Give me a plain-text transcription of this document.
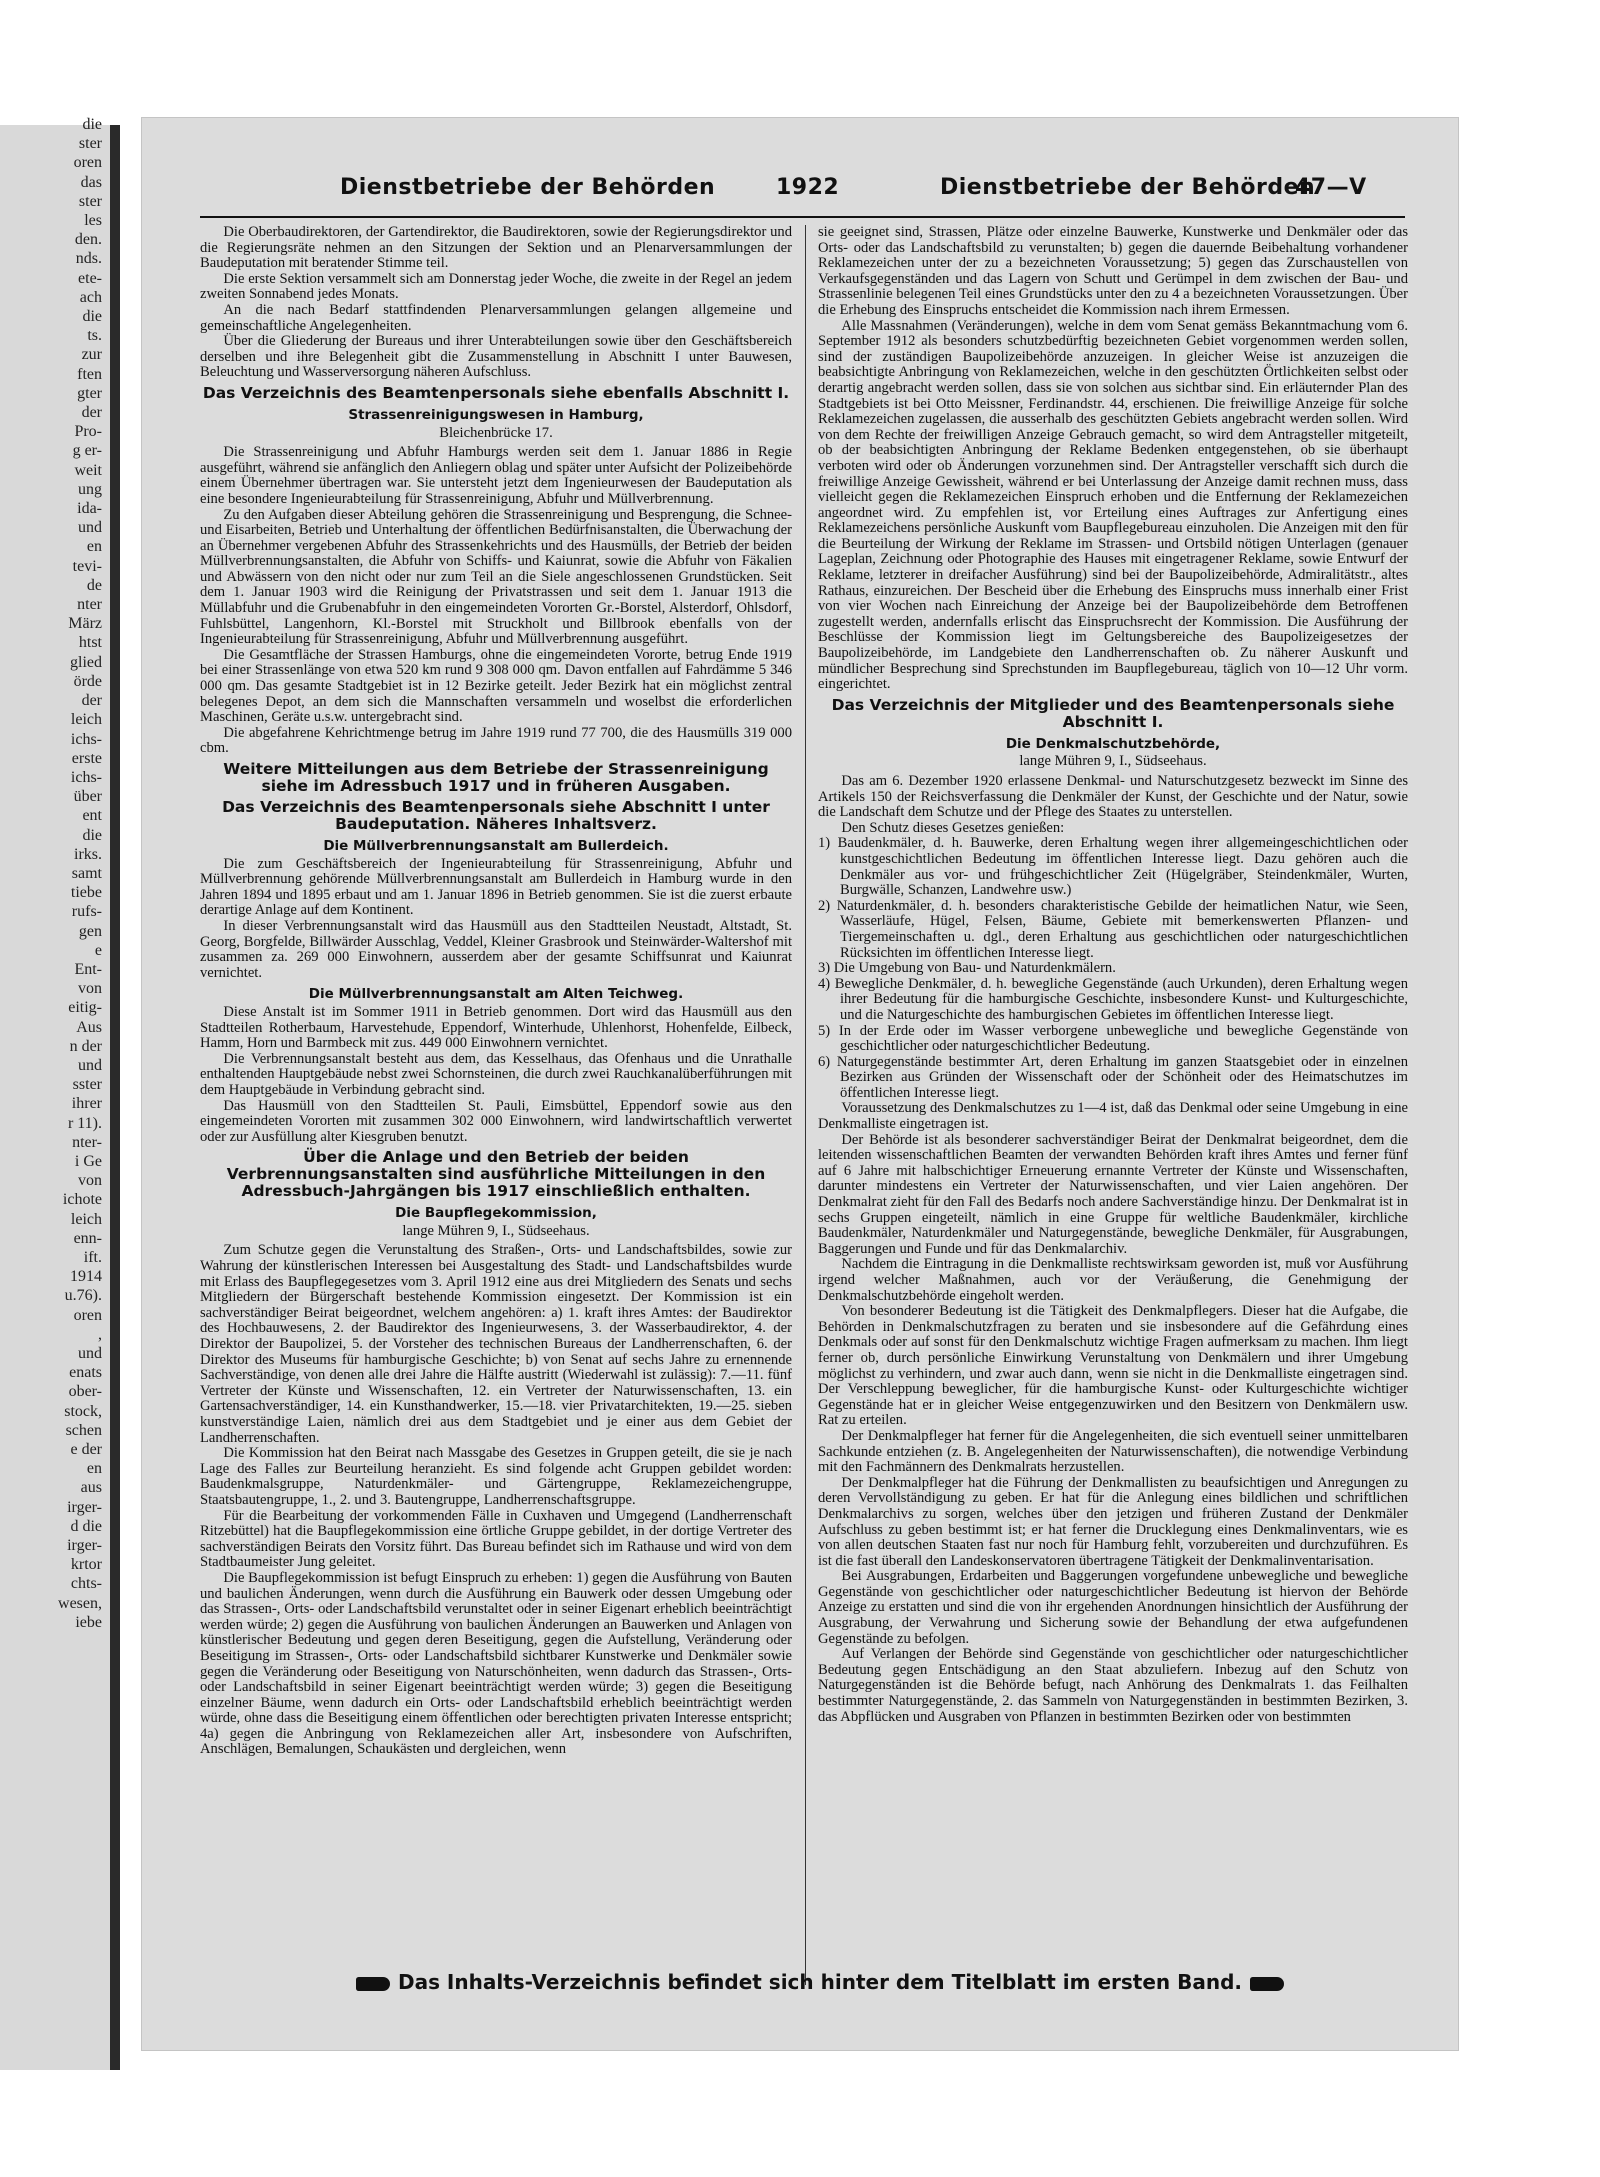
die
ster
oren
das
ster
les
den.
nds.
ete-
ach
die
ts.
zur
ften
gter
der
Pro-
g er-
weit
ung
ida-
und
en
tevi-
de
nter
März
htst
glied
örde
der
leich
ichs-
erste
ichs-
über
ent
die
irks.
samt
tiebe
rufs-
gen
e
Ent-
von
eitig-
Aus
n der
und
sster
ihrer
r 11).
nter-
i Ge
von
ichote
leich
enn-
ift.
1914
u.76).
oren
,
und
enats
ober-
stock,
schen
e der
en
aus
irger-
d die
irger-
krtor
chts-
wesen,
iebe
Dienstbetriebe der Behörden	1922	Dienstbetriebe der Behörden
47—V

Die Oberbaudirektoren, der Gartendirektor, die Baudirektoren, sowie der Regierungsdirektor und die Regierungsräte nehmen an den Sitzungen der Sektion und an Plenarversammlungen der Baudeputation mit beratender Stimme teil.

Die erste Sektion versammelt sich am Donnerstag jeder Woche, die zweite in der Regel an jedem zweiten Sonnabend jedes Monats.

An die nach Bedarf stattfindenden Plenarversammlungen gelangen allgemeine und gemeinschaftliche Angelegenheiten.

Über die Gliederung der Bureaus und ihrer Unterabteilungen sowie über den Geschäftsbereich derselben und ihre Belegenheit gibt die Zusammenstellung in Abschnitt I unter Bauwesen, Beleuchtung und Wasserversorgung näheren Aufschluss.

Das Verzeichnis des Beamtenpersonals siehe ebenfalls Abschnitt I.
Strassenreinigungswesen in Hamburg,
Bleichenbrücke 17.

Die Strassenreinigung und Abfuhr Hamburgs werden seit dem 1. Januar 1886 in Regie ausgeführt, während sie anfänglich den Anliegern oblag und später unter Aufsicht der Polizeibehörde einem Übernehmer übertragen war. Sie untersteht jetzt dem Ingenieurwesen der Baudeputation als eine besondere Ingenieurabteilung für Strassenreinigung, Abfuhr und Müllverbrennung.

Zu den Aufgaben dieser Abteilung gehören die Strassenreinigung und Besprengung, die Schnee- und Eisarbeiten, Betrieb und Unterhaltung der öffentlichen Bedürfnisanstalten, die Überwachung der an Übernehmer vergebenen Abfuhr des Strassenkehrichts und des Hausmülls, der Betrieb der beiden Müllverbrennungsanstalten, die Abfuhr von Schiffs- und Kaiunrat, sowie die Abfuhr von Fäkalien und Abwässern von den nicht oder nur zum Teil an die Siele angeschlossenen Grundstücken. Seit dem 1. Januar 1903 wird die Reinigung der Privatstrassen und seit dem 1. Januar 1913 die Müllabfuhr und die Grubenabfuhr in den eingemeindeten Vororten Gr.-Borstel, Alsterdorf, Ohlsdorf, Fuhlsbüttel, Langenhorn, Kl.-Borstel mit Struckholt und Billbrook ebenfalls von der Ingenieurabteilung für Strassenreinigung, Abfuhr und Müllverbrennung ausgeführt.

Die Gesamtfläche der Strassen Hamburgs, ohne die eingemeindeten Vororte, betrug Ende 1919 bei einer Strassenlänge von etwa 520 km rund 9 308 000 qm. Davon entfallen auf Fahrdämme 5 346 000 qm. Das gesamte Stadtgebiet ist in 12 Bezirke geteilt. Jeder Bezirk hat ein möglichst zentral belegenes Depot, an dem sich die Mannschaften versammeln und woselbst die erforderlichen Maschinen, Geräte u.s.w. untergebracht sind.

Die abgefahrene Kehrichtmenge betrug im Jahre 1919 rund 77 700, die des Hausmülls 319 000 cbm.

Weitere Mitteilungen aus dem Betriebe der Strassenreinigung siehe im Adressbuch 1917 und in früheren Ausgaben.
Das Verzeichnis des Beamtenpersonals siehe Abschnitt I unter Baudeputation. Näheres Inhaltsverz.
Die Müllverbrennungsanstalt am Bullerdeich.

Die zum Geschäftsbereich der Ingenieurabteilung für Strassenreinigung, Abfuhr und Müllverbrennung gehörende Müllverbrennungsanstalt am Bullerdeich in Hamburg wurde in den Jahren 1894 und 1895 erbaut und am 1. Januar 1896 in Betrieb genommen. Sie ist die zuerst erbaute derartige Anlage auf dem Kontinent.

In dieser Verbrennungsanstalt wird das Hausmüll aus den Stadtteilen Neustadt, Altstadt, St. Georg, Borgfelde, Billwärder Ausschlag, Veddel, Kleiner Grasbrook und Steinwärder-Waltershof mit zusammen za. 269 000 Einwohnern, ausserdem aber der gesamte Schiffsunrat und Kaiunrat vernichtet.

Die Müllverbrennungsanstalt am Alten Teichweg.

Diese Anstalt ist im Sommer 1911 in Betrieb genommen. Dort wird das Hausmüll aus den Stadtteilen Rotherbaum, Harvestehude, Eppendorf, Winterhude, Uhlenhorst, Hohenfelde, Eilbeck, Hamm, Horn und Barmbeck mit zus. 449 000 Einwohnern vernichtet.

Die Verbrennungsanstalt besteht aus dem, das Kesselhaus, das Ofenhaus und die Unrathalle enthaltenden Hauptgebäude nebst zwei Schornsteinen, die durch zwei Rauchkanalüberführungen mit dem Hauptgebäude in Verbindung gebracht sind.

Das Hausmüll von den Stadtteilen St. Pauli, Eimsbüttel, Eppendorf sowie aus den eingemeindeten Vororten mit zusammen 302 000 Einwohnern, wird landwirtschaftlich verwertet oder zur Ausfüllung alter Kiesgruben benutzt.

Über die Anlage und den Betrieb der beiden Verbrennungsanstalten sind ausführliche Mitteilungen in den Adressbuch-Jahrgängen bis 1917 einschließlich enthalten.
Die Baupflegekommission,
lange Mühren 9, I., Südseehaus.

Zum Schutze gegen die Verunstaltung des Straßen-, Orts- und Landschaftsbildes, sowie zur Wahrung der künstlerischen Interessen bei Ausgestaltung des Stadt- und Landschaftsbildes wurde mit Erlass des Baupflegegesetzes vom 3. April 1912 eine aus drei Mitgliedern des Senats und sechs Mitgliedern der Bürgerschaft bestehende Kommission eingesetzt. Der Kommission ist ein sachverständiger Beirat beigeordnet, welchem angehören: a) 1. kraft ihres Amtes: der Baudirektor des Hochbauwesens, 2. der Baudirektor des Ingenieurwesens, 3. der Wasserbaudirektor, 4. der Direktor der Baupolizei, 5. der Vorsteher des technischen Bureaus der Landherrenschaften, 6. der Direktor des Museums für hamburgische Geschichte; b) von Senat auf sechs Jahre zu ernennende Sachverständige, von denen alle drei Jahre die Hälfte austritt (Wiederwahl ist zulässig): 7.—11. fünf Vertreter der Künste und Wissenschaften, 12. ein Vertreter der Naturwissenschaften, 13. ein Gartensachverständiger, 14. ein Kunsthandwerker, 15.—18. vier Privatarchitekten, 19.—25. sieben kunstverständige Laien, nämlich drei aus dem Stadtgebiet und je einer aus dem Gebiet der Landherrenschaften.

Die Kommission hat den Beirat nach Massgabe des Gesetzes in Gruppen geteilt, die sie je nach Lage des Falles zur Beurteilung heranzieht. Es sind folgende acht Gruppen gebildet worden: Baudenkmalsgruppe, Naturdenkmäler- und Gärtengruppe, Reklamezeichengruppe, Staatsbautengruppe, 1., 2. und 3. Bautengruppe, Landherrenschaftsgruppe.

Für die Bearbeitung der vorkommenden Fälle in Cuxhaven und Umgegend (Landherrenschaft Ritzebüttel) hat die Baupflegekommission eine örtliche Gruppe gebildet, in der dortige Vertreter des sachverständigen Beirats den Vorsitz führt. Das Bureau befindet sich im Rathause und wird von dem Stadtbaumeister Jung geleitet.

Die Baupflegekommission ist befugt Einspruch zu erheben: 1) gegen die Ausführung von Bauten und baulichen Änderungen, wenn durch die Ausführung ein Bauwerk oder dessen Umgebung oder das Strassen-, Orts- oder Landschaftsbild verunstaltet oder in seiner Eigenart erheblich beeinträchtigt werden würde; 2) gegen die Ausführung von baulichen Änderungen an Bauwerken und Anlagen von künstlerischer Bedeutung und gegen deren Beseitigung, gegen die Aufstellung, Veränderung oder Beseitigung im Strassen-, Orts- oder Landschaftsbild sichtbarer Kunstwerke und Denkmäler sowie gegen die Veränderung oder Beseitigung von Naturschönheiten, wenn dadurch das Strassen-, Orts- oder Landschaftsbild in seiner Eigenart beeinträchtigt werden würde; 3) gegen die Beseitigung einzelner Bäume, wenn dadurch ein Orts- oder Landschaftsbild erheblich beeinträchtigt werden würde, ohne dass die Beseitigung einem öffentlichen oder berechtigten privaten Interesse entspricht; 4a) gegen die Anbringung von Reklamezeichen aller Art, insbesondere von Aufschriften, Anschlägen, Bemalungen, Schaukästen und dergleichen, wenn

sie geeignet sind, Strassen, Plätze oder einzelne Bauwerke, Kunstwerke und Denkmäler oder das Orts- oder das Landschaftsbild zu verunstalten; b) gegen die dauernde Beibehaltung vorhandener Reklamezeichen unter der zu a bezeichneten Voraussetzung; 5) gegen das Zurschaustellen von Verkaufsgegenständen und das Lagern von Schutt und Gerümpel in dem zwischen der Bau- und Strassenlinie belegenen Teil eines Grundstücks unter den zu 4 a bezeichneten Voraussetzungen. Über die Erhebung des Einspruchs entscheidet die Kommission nach ihrem Ermessen.

Alle Massnahmen (Veränderungen), welche in dem vom Senat gemäss Bekanntmachung vom 6. September 1912 als besonders schutzbedürftig bezeichneten Gebiet vorgenommen werden sollen, sind der zuständigen Baupolizeibehörde anzuzeigen. In gleicher Weise ist anzuzeigen die beabsichtigte Anbringung von Reklamezeichen, welche in den geschützten Örtlichkeiten selbst oder derartig angebracht werden sollen, dass sie von solchen aus sichtbar sind. Ein erläuternder Plan des Stadtgebiets ist bei Otto Meissner, Ferdinandstr. 44, erschienen. Die freiwillige Anzeige für solche Reklamezeichen zugelassen, die ausserhalb des geschützten Gebiets angebracht werden sollen. Wird von dem Rechte der freiwilligen Anzeige Gebrauch gemacht, so wird dem Antragsteller mitgeteilt, ob der beabsichtigten Anbringung der Reklame Bedenken entgegenstehen, ob sie überhaupt verboten wird oder ob Änderungen vorzunehmen sind. Der Antragsteller verschafft sich durch die freiwillige Anzeige Gewissheit, während er bei Unterlassung der Anzeige damit rechnen muss, dass vielleicht gegen die Reklamezeichen Einspruch erhoben und die Entfernung der Reklamezeichen angeordnet wird. Zu empfehlen ist, vor Erteilung eines Auftrages zur Anfertigung eines Reklamezeichens persönliche Auskunft vom Baupflegebureau einzuholen. Die Anzeigen mit den für die Beurteilung der Wirkung der Reklame im Strassen- und Ortsbild nötigen Unterlagen (genauer Lageplan, Zeichnung oder Photographie des Hauses mit eingetragener Reklame, sowie Entwurf der Reklame, letzterer in dreifacher Ausführung) sind bei der Baupolizeibehörde, Admiralitätstr., altes Rathaus, einzureichen. Der Bescheid über die Erhebung des Einspruchs muss innerhalb einer Frist von vier Wochen nach Einreichung der Anzeige bei der Baupolizeibehörde dem Betroffenen zugestellt werden, andernfalls erlischt das Einspruchsrecht der Kommission. Die Ausführung der Beschlüsse der Kommission liegt im Geltungsbereiche des Baupolizeigesetzes der Baupolizeibehörde, im Landgebiete den Landherrenschaften ob. Zu näherer Auskunft und mündlicher Besprechung sind Sprechstunden im Baupflegebureau, täglich von 10—12 Uhr vorm. eingerichtet.

Das Verzeichnis der Mitglieder und des Beamtenpersonals siehe Abschnitt I.
Die Denkmalschutzbehörde,
lange Mühren 9, I., Südseehaus.

Das am 6. Dezember 1920 erlassene Denkmal- und Naturschutzgesetz bezweckt im Sinne des Artikels 150 der Reichsverfassung die Denkmäler der Kunst, der Geschichte und der Natur, sowie die Landschaft dem Schutze und der Pflege des Staates zu unterstellen.

Den Schutz dieses Gesetzes genießen:

1) Baudenkmäler, d. h. Bauwerke, deren Erhaltung wegen ihrer allgemeingeschichtlichen oder kunstgeschichtlichen Bedeutung im öffentlichen Interesse liegt. Dazu gehören auch die Denkmäler aus vor- und frühgeschichtlicher Zeit (Hügelgräber, Steindenkmäler, Wurten, Burgwälle, Schanzen, Landwehre usw.)
2) Naturdenkmäler, d. h. besonders charakteristische Gebilde der heimatlichen Natur, wie Seen, Wasserläufe, Hügel, Felsen, Bäume, Gebiete mit bemerkenswerten Pflanzen- und Tiergemeinschaften u. dgl., deren Erhaltung aus geschichtlichen oder naturgeschichtlichen Rücksichten im öffentlichen Interesse liegt.
3) Die Umgebung von Bau- und Naturdenkmälern.
4) Bewegliche Denkmäler, d. h. bewegliche Gegenstände (auch Urkunden), deren Erhaltung wegen ihrer Bedeutung für die hamburgische Geschichte, insbesondere Kunst- und Kulturgeschichte, und die Naturgeschichte des hamburgischen Gebietes im öffentlichen Interesse liegt.
5) In der Erde oder im Wasser verborgene unbewegliche und bewegliche Gegenstände von geschichtlicher oder naturgeschichtlicher Bedeutung.
6) Naturgegenstände bestimmter Art, deren Erhaltung im ganzen Staatsgebiet oder in einzelnen Bezirken aus Gründen der Wissenschaft oder der Schönheit oder des Heimatschutzes im öffentlichen Interesse liegt.

Voraussetzung des Denkmalschutzes zu 1—4 ist, daß das Denkmal oder seine Umgebung in eine Denkmalliste eingetragen ist.

Der Behörde ist als besonderer sachverständiger Beirat der Denkmalrat beigeordnet, dem die leitenden wissenschaftlichen Beamten der verwandten Behörden kraft ihres Amtes und ferner fünf auf 6 Jahre mit halbschichtiger Erneuerung ernannte Vertreter der Künste und Wissenschaften, darunter mindestens ein Vertreter der Naturwissenschaften, und vier Laien angehören. Der Denkmalrat zieht für den Fall des Bedarfs noch andere Sachverständige hinzu. Der Denkmalrat ist in sechs Gruppen eingeteilt, nämlich in eine Gruppe für weltliche Baudenkmäler, kirchliche Baudenkmäler, Naturdenkmäler und Naturgegenstände, bewegliche Denkmäler, für Ausgrabungen, Baggerungen und Funde und für das Denkmalarchiv.

Nachdem die Eintragung in die Denkmalliste rechtswirksam geworden ist, muß vor Ausführung irgend welcher Maßnahmen, auch vor der Veräußerung, die Genehmigung der Denkmalschutzbehörde eingeholt werden.

Von besonderer Bedeutung ist die Tätigkeit des Denkmalpflegers. Dieser hat die Aufgabe, die Behörden in Denkmalschutzfragen zu beraten und sie insbesondere auf die Gefährdung eines Denkmals oder auf sonst für den Denkmalschutz wichtige Fragen aufmerksam zu machen. Ihm liegt ferner ob, durch persönliche Einwirkung Verunstaltung von Denkmälern und ihrer Umgebung möglichst zu verhindern, und zwar auch dann, wenn sie nicht in die Denkmalliste eingetragen sind. Der Verschleppung beweglicher, für die hamburgische Kunst- oder Kulturgeschichte wichtiger Gegenstände hat er in gleicher Weise entgegenzuwirken und den Besitzern von Denkmälern usw. Rat zu erteilen.

Der Denkmalpfleger hat ferner für die Angelegenheiten, die sich eventuell seiner unmittelbaren Sachkunde entziehen (z. B. Angelegenheiten der Naturwissenschaften), die notwendige Verbindung mit den Fachmännern des Denkmalrats herzustellen.

Der Denkmalpfleger hat die Führung der Denkmallisten zu beaufsichtigen und Anregungen zu deren Vervollständigung zu geben. Er hat für die Anlegung eines bildlichen und schriftlichen Denkmalarchivs zu sorgen, welches über den jetzigen und früheren Zustand der Denkmäler Aufschluss zu geben bestimmt ist; er hat ferner die Drucklegung eines Denkmalinventars, wie es von allen deutschen Staaten fast nur noch für Hamburg fehlt, vorzubereiten und durchzuführen. Es ist die fast überall den Landeskonservatoren übertragene Tätigkeit der Denkmalinventarisation.

Bei Ausgrabungen, Erdarbeiten und Baggerungen vorgefundene unbewegliche und bewegliche Gegenstände von geschichtlicher oder naturgeschichtlicher Bedeutung ist hiervon der Behörde Anzeige zu erstatten und sind die von ihr ergehenden Anordnungen hinsichtlich der Ausführung der Ausgrabung, der Verwahrung und Sicherung sowie der Behandlung der etwa aufgefundenen Gegenstände zu befolgen.

Auf Verlangen der Behörde sind Gegenstände von geschichtlicher oder naturgeschichtlicher Bedeutung gegen Entschädigung an den Staat abzuliefern. Inbezug auf den Schutz von Naturgegenständen ist die Behörde befugt, nach Anhörung des Denkmalrats 1. das Feilhalten bestimmter Naturgegenstände, 2. das Sammeln von Naturgegenständen in bestimmten Bezirken, 3. das Abpflücken und Ausgraben von Pflanzen in bestimmten Bezirken oder von bestimmten

Das Inhalts-Verzeichnis befindet sich hinter dem Titelblatt im ersten Band.
